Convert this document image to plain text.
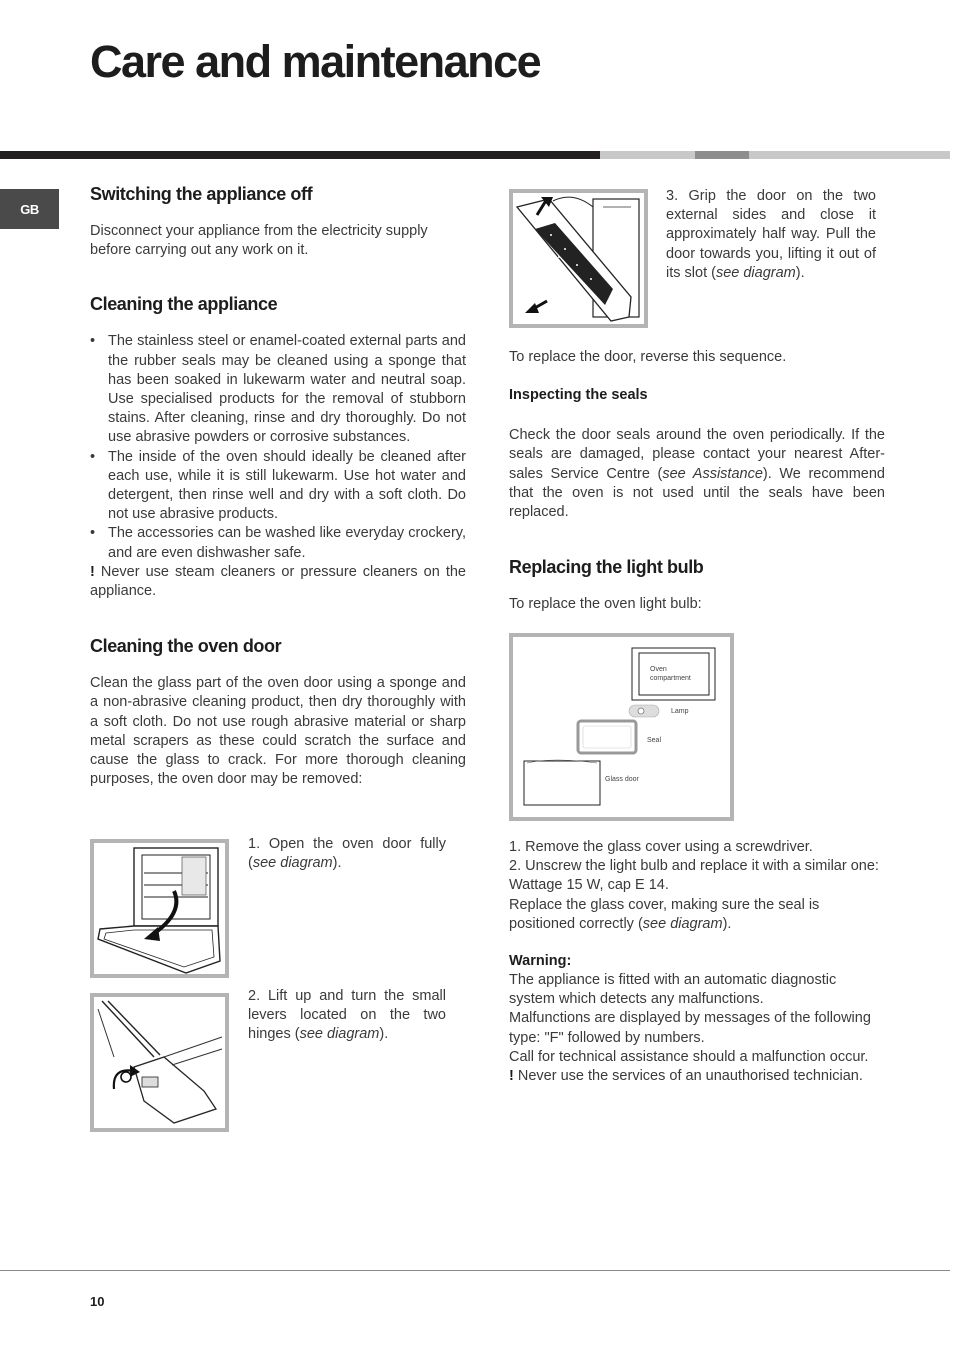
Care and maintenance
GB
Switching the appliance off

Disconnect your appliance from the electricity supply before carrying out any work on it.

Cleaning the appliance
• The stainless steel or enamel-coated external parts and the rubber seals may be cleaned using a sponge that has been soaked in lukewarm water and neutral soap. Use specialised products for the removal of stubborn stains. After cleaning, rinse and dry thoroughly. Do not use abrasive powders or corrosive substances.
• The inside of the oven should ideally be cleaned after each use, while it is still lukewarm. Use hot water and detergent, then rinse well and dry with a soft cloth. Do not use abrasive products.
• The accessories can be washed like everyday crockery, and are even dishwasher safe.

! Never use steam cleaners or pressure cleaners on the appliance.

Cleaning the oven door

Clean the glass part of the oven door using a sponge and a non-abrasive cleaning product, then dry thoroughly with a soft cloth. Do not use rough abrasive material or sharp metal scrapers as these could scratch the surface and cause the glass to crack. For more thorough cleaning purposes, the oven door may be removed:

1. Open the oven door fully (see diagram).
2. Lift up and turn the small levers located on the two hinges (see diagram).
3. Grip the door on the two external sides and close it approximately half way. Pull the door towards you, lifting it out of its slot (see diagram).

To replace the door, reverse this sequence.

Inspecting the seals

Check the door seals around the oven periodically. If the seals are damaged, please contact your nearest After-sales Service Centre (see Assistance). We recommend that the oven is not used until the seals have been replaced.

Replacing the light bulb

To replace the oven light bulb:

Oven
compartment
Lamp
Seal
Glass door

1. Remove the glass cover using a screwdriver.

2. Unscrew the light bulb and replace it with a similar one: Wattage 15 W, cap E 14.

Replace the glass cover, making sure the seal is positioned correctly (see diagram).

Warning:

The appliance is fitted with an automatic diagnostic system which detects any malfunctions.

Malfunctions are displayed by messages of the following type: "F" followed by numbers.

Call for technical assistance should a malfunction occur.

! Never use the services of an unauthorised technician.

10
